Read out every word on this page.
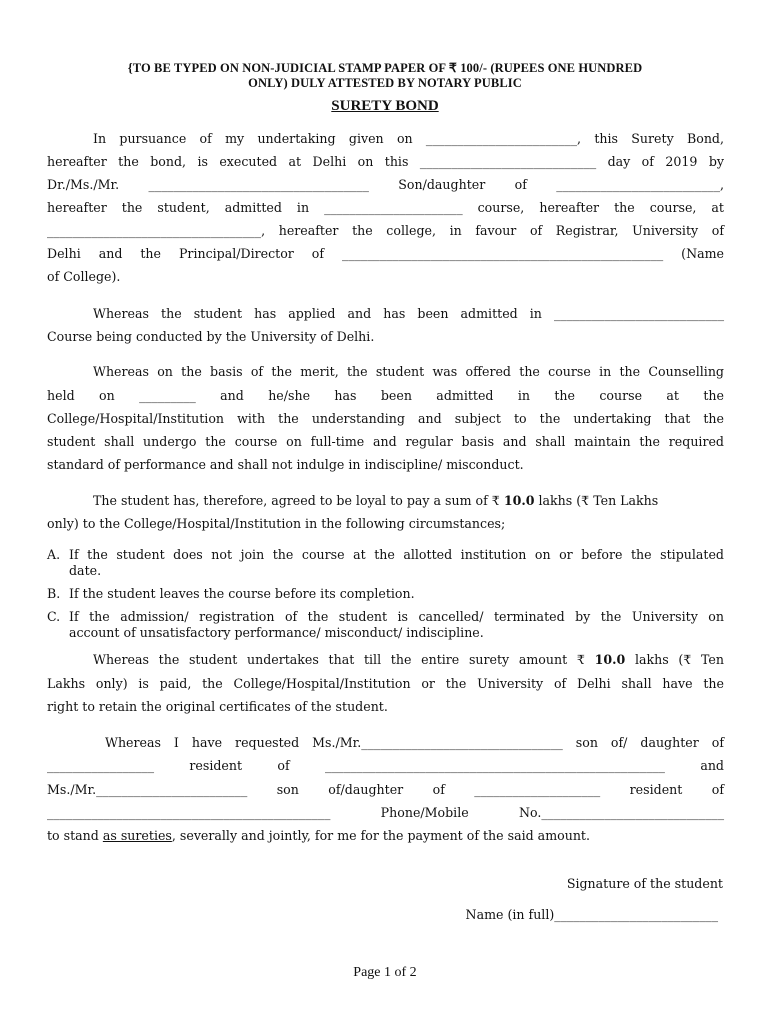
{TO BE TYPED ON NON-JUDICIAL STAMP PAPER OF ₹ 100/- (RUPEES ONE HUNDRED
ONLY) DULY ATTESTED BY NOTARY PUBLIC
SURETY BOND
In pursuance of my undertaking given on ________________________, this Surety Bond,
hereafter the bond, is executed at Delhi on this ____________________________ day of 2019 by
Dr./Ms./Mr. ___________________________________ Son/daughter of __________________________,
hereafter the student, admitted in ______________________ course, hereafter the course, at
__________________________________, hereafter the college, in favour of Registrar, University of
Delhi and the Principal/Director of ___________________________________________________ (Name
of College).
Whereas the student has applied and has been admitted in ___________________________
Course being conducted by the University of Delhi.
Whereas on the basis of the merit, the student was offered the course in the Counselling
held on _________ and he/she has been admitted in the course at the
College/Hospital/Institution with the understanding and subject to the undertaking that the
student shall undergo the course on full-time and regular basis and shall maintain the required
standard of performance and shall not indulge in indiscipline/ misconduct.
The student has, therefore, agreed to be loyal to pay a sum of ₹ 10.0 lakhs (₹ Ten Lakhs
only) to the College/Hospital/Institution in the following circumstances;
A. If the student does not join the course at the allotted institution on or before the stipulated
date.
B. If the student leaves the course before its completion.
C. If the admission/ registration of the student is cancelled/ terminated by the University on
account of unsatisfactory performance/ misconduct/ indiscipline.
Whereas the student undertakes that till the entire surety amount ₹ 10.0 lakhs (₹ Ten
Lakhs only) is paid, the College/Hospital/Institution or the University of Delhi shall have the
right to retain the original certificates of the student.
Whereas I have requested Ms./Mr.________________________________ son of/ daughter of
_________________ resident of ______________________________________________________ and
Ms./Mr.________________________ son of/daughter of ____________________ resident of
_____________________________________________ Phone/Mobile No._____________________________
to stand as sureties, severally and jointly, for me for the payment of the said amount.
Signature of the student
Name (in full)__________________________
Page 1 of 2
